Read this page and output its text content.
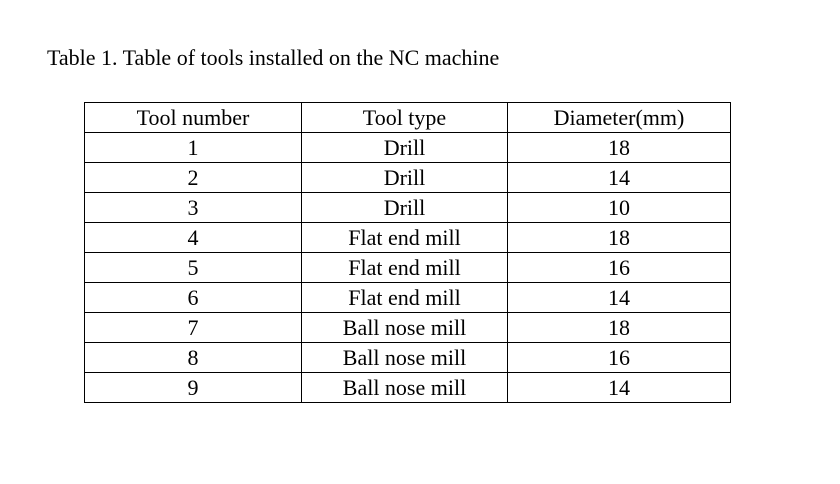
Table 1. Table of tools installed on the NC machine
Tool number	Tool type	Diameter(mm)
1	Drill	18
2	Drill	14
3	Drill	10
4	Flat end mill	18
5	Flat end mill	16
6	Flat end mill	14
7	Ball nose mill	18
8	Ball nose mill	16
9	Ball nose mill	14
